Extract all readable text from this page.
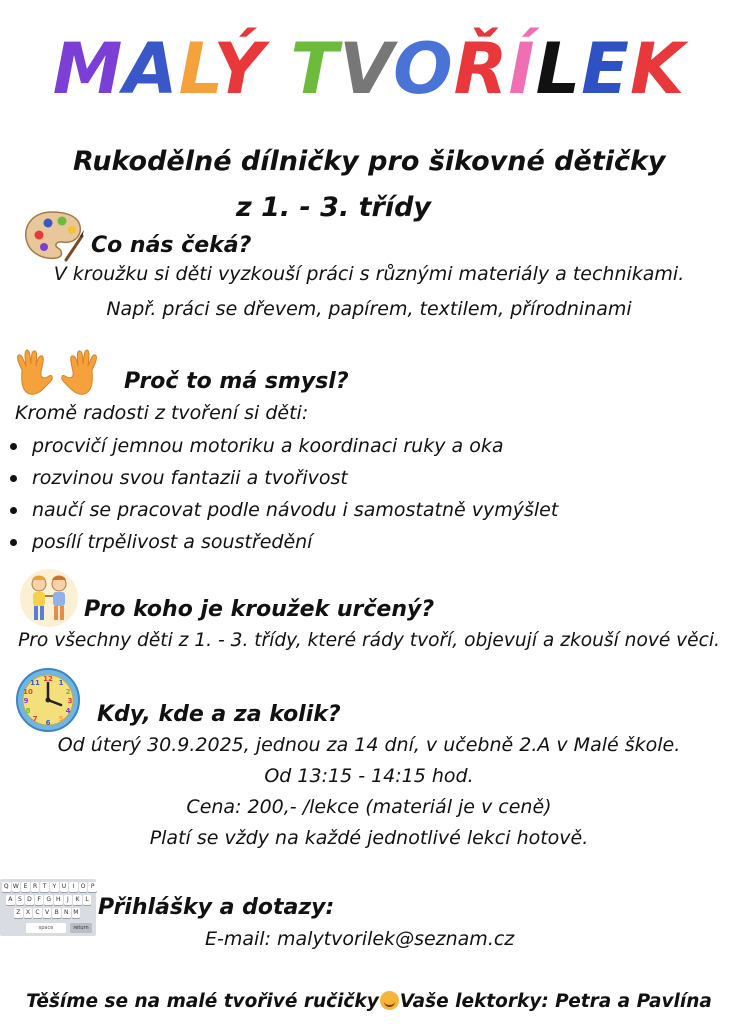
MALÝ TVOŘÍLEK
Rukodělné dílničky pro šikovné dětičky
z 1. - 3. třídy
Co nás čeká?
V kroužku si děti vyzkouší práci s různými materiály a technikami.
Např. práci se dřevem, papírem, textilem, přírodninami
Proč to má smysl?
Kromě radosti z tvoření si děti:
procvičí jemnou motoriku a koordinaci ruky a oka
rozvinou svou fantazii a tvořivost
naučí se pracovat podle návodu i samostatně vymýšlet
posílí trpělivost a soustředění
Pro koho je kroužek určený?
Pro všechny děti z 1. - 3. třídy, které rády tvoří, objevují a zkouší nové věci.
12 1
2
3
4
5
6
7
8
9
10
11
Kdy, kde a za kolik?
Od úterý 30.9.2025, jednou za 14 dní, v učebně 2.A v Malé škole.
Od 13:15 - 14:15 hod.
Cena: 200,- /lekce (materiál je v ceně)
Platí se vždy na každé jednotlivé lekci hotově.
Q W E R T Y U	I	O P
A S D F G H	J	K L
Z X C V B N M
space	return
Přihlášky a dotazy:
E-mail: malytvorilek@seznam.cz
Těšíme se na malé tvořivé ručičky Vaše lektorky: Petra a Pavlína
